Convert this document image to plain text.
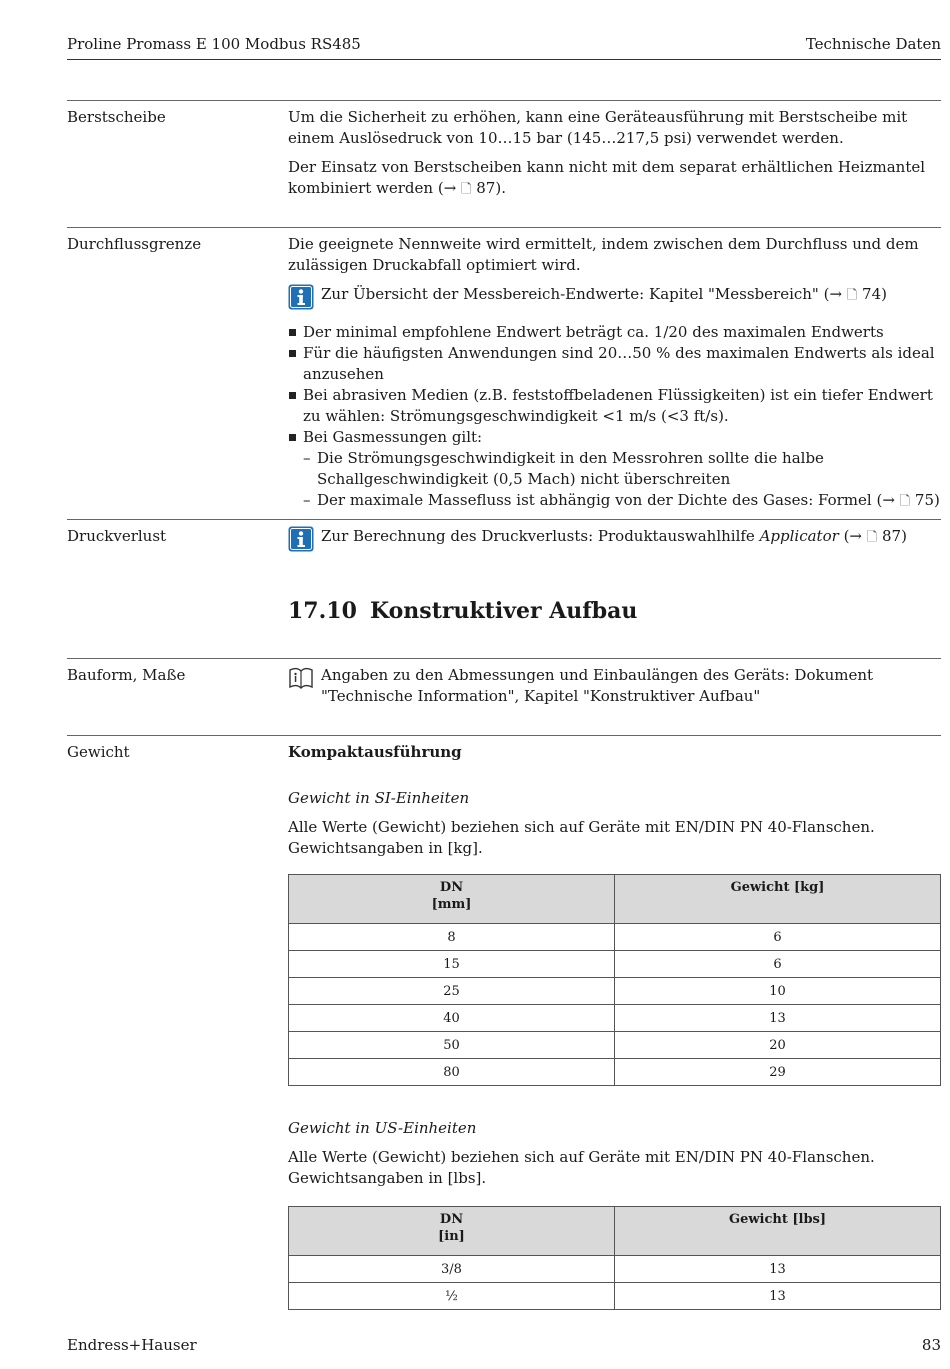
Proline Promass E 100 Modbus RS485	Technische Daten
Berstscheibe	Um die Sicherheit zu erhöhen, kann eine Geräteausführung mit Berstscheibe mit einem Auslösedruck von 10…15 bar (145…217,5 psi) verwendet werden.

Der Einsatz von Berstscheiben kann nicht mit dem separat erhältlichen Heizmantel kombiniert werden (→ 🗋 87).

Durchflussgrenze	Die geeignete Nennweite wird ermittelt, indem zwischen dem Durchfluss und dem zulässigen Druckabfall optimiert wird.

Zur Übersicht der Messbereich-Endwerte: Kapitel "Messbereich" (→ 🗋 74)
Der minimal empfohlene Endwert beträgt ca. 1/20 des maximalen Endwerts
Für die häufigsten Anwendungen sind 20…50 % des maximalen Endwerts als ideal anzusehen
Bei abrasiven Medien (z.B. feststoffbeladenen Flüssigkeiten) ist ein tiefer Endwert zu wählen: Strömungsgeschwindigkeit <1 m/s (<3 ft/s).
Bei Gasmessungen gilt:
– Die Strömungsgeschwindigkeit in den Messrohren sollte die halbe Schallgeschwindigkeit (0,5 Mach) nicht überschreiten
– Der maximale Massefluss ist abhängig von der Dichte des Gases: Formel (→ 🗋 75)
Druckverlust	Zur Berechnung des Druckverlusts: Produktauswahlhilfe Applicator (→ 🗋 87)
17.10 Konstruktiver Aufbau
Bauform, Maße	Angaben zu den Abmessungen und Einbaulängen des Geräts: Dokument "Technische Information", Kapitel "Konstruktiver Aufbau"
Gewicht	Kompaktausführung
Gewicht in SI-Einheiten
Alle Werte (Gewicht) beziehen sich auf Geräte mit EN/DIN PN 40-Flanschen. Gewichtsangaben in [kg].
DN
[mm]	Gewicht [kg]
8	6
15	6
25	10
40	13
50	20
80	29
Gewicht in US-Einheiten
Alle Werte (Gewicht) beziehen sich auf Geräte mit EN/DIN PN 40-Flanschen. Gewichtsangaben in [lbs].
DN
[in]	Gewicht [lbs]
3/8	13
½	13
Endress+Hauser	83
